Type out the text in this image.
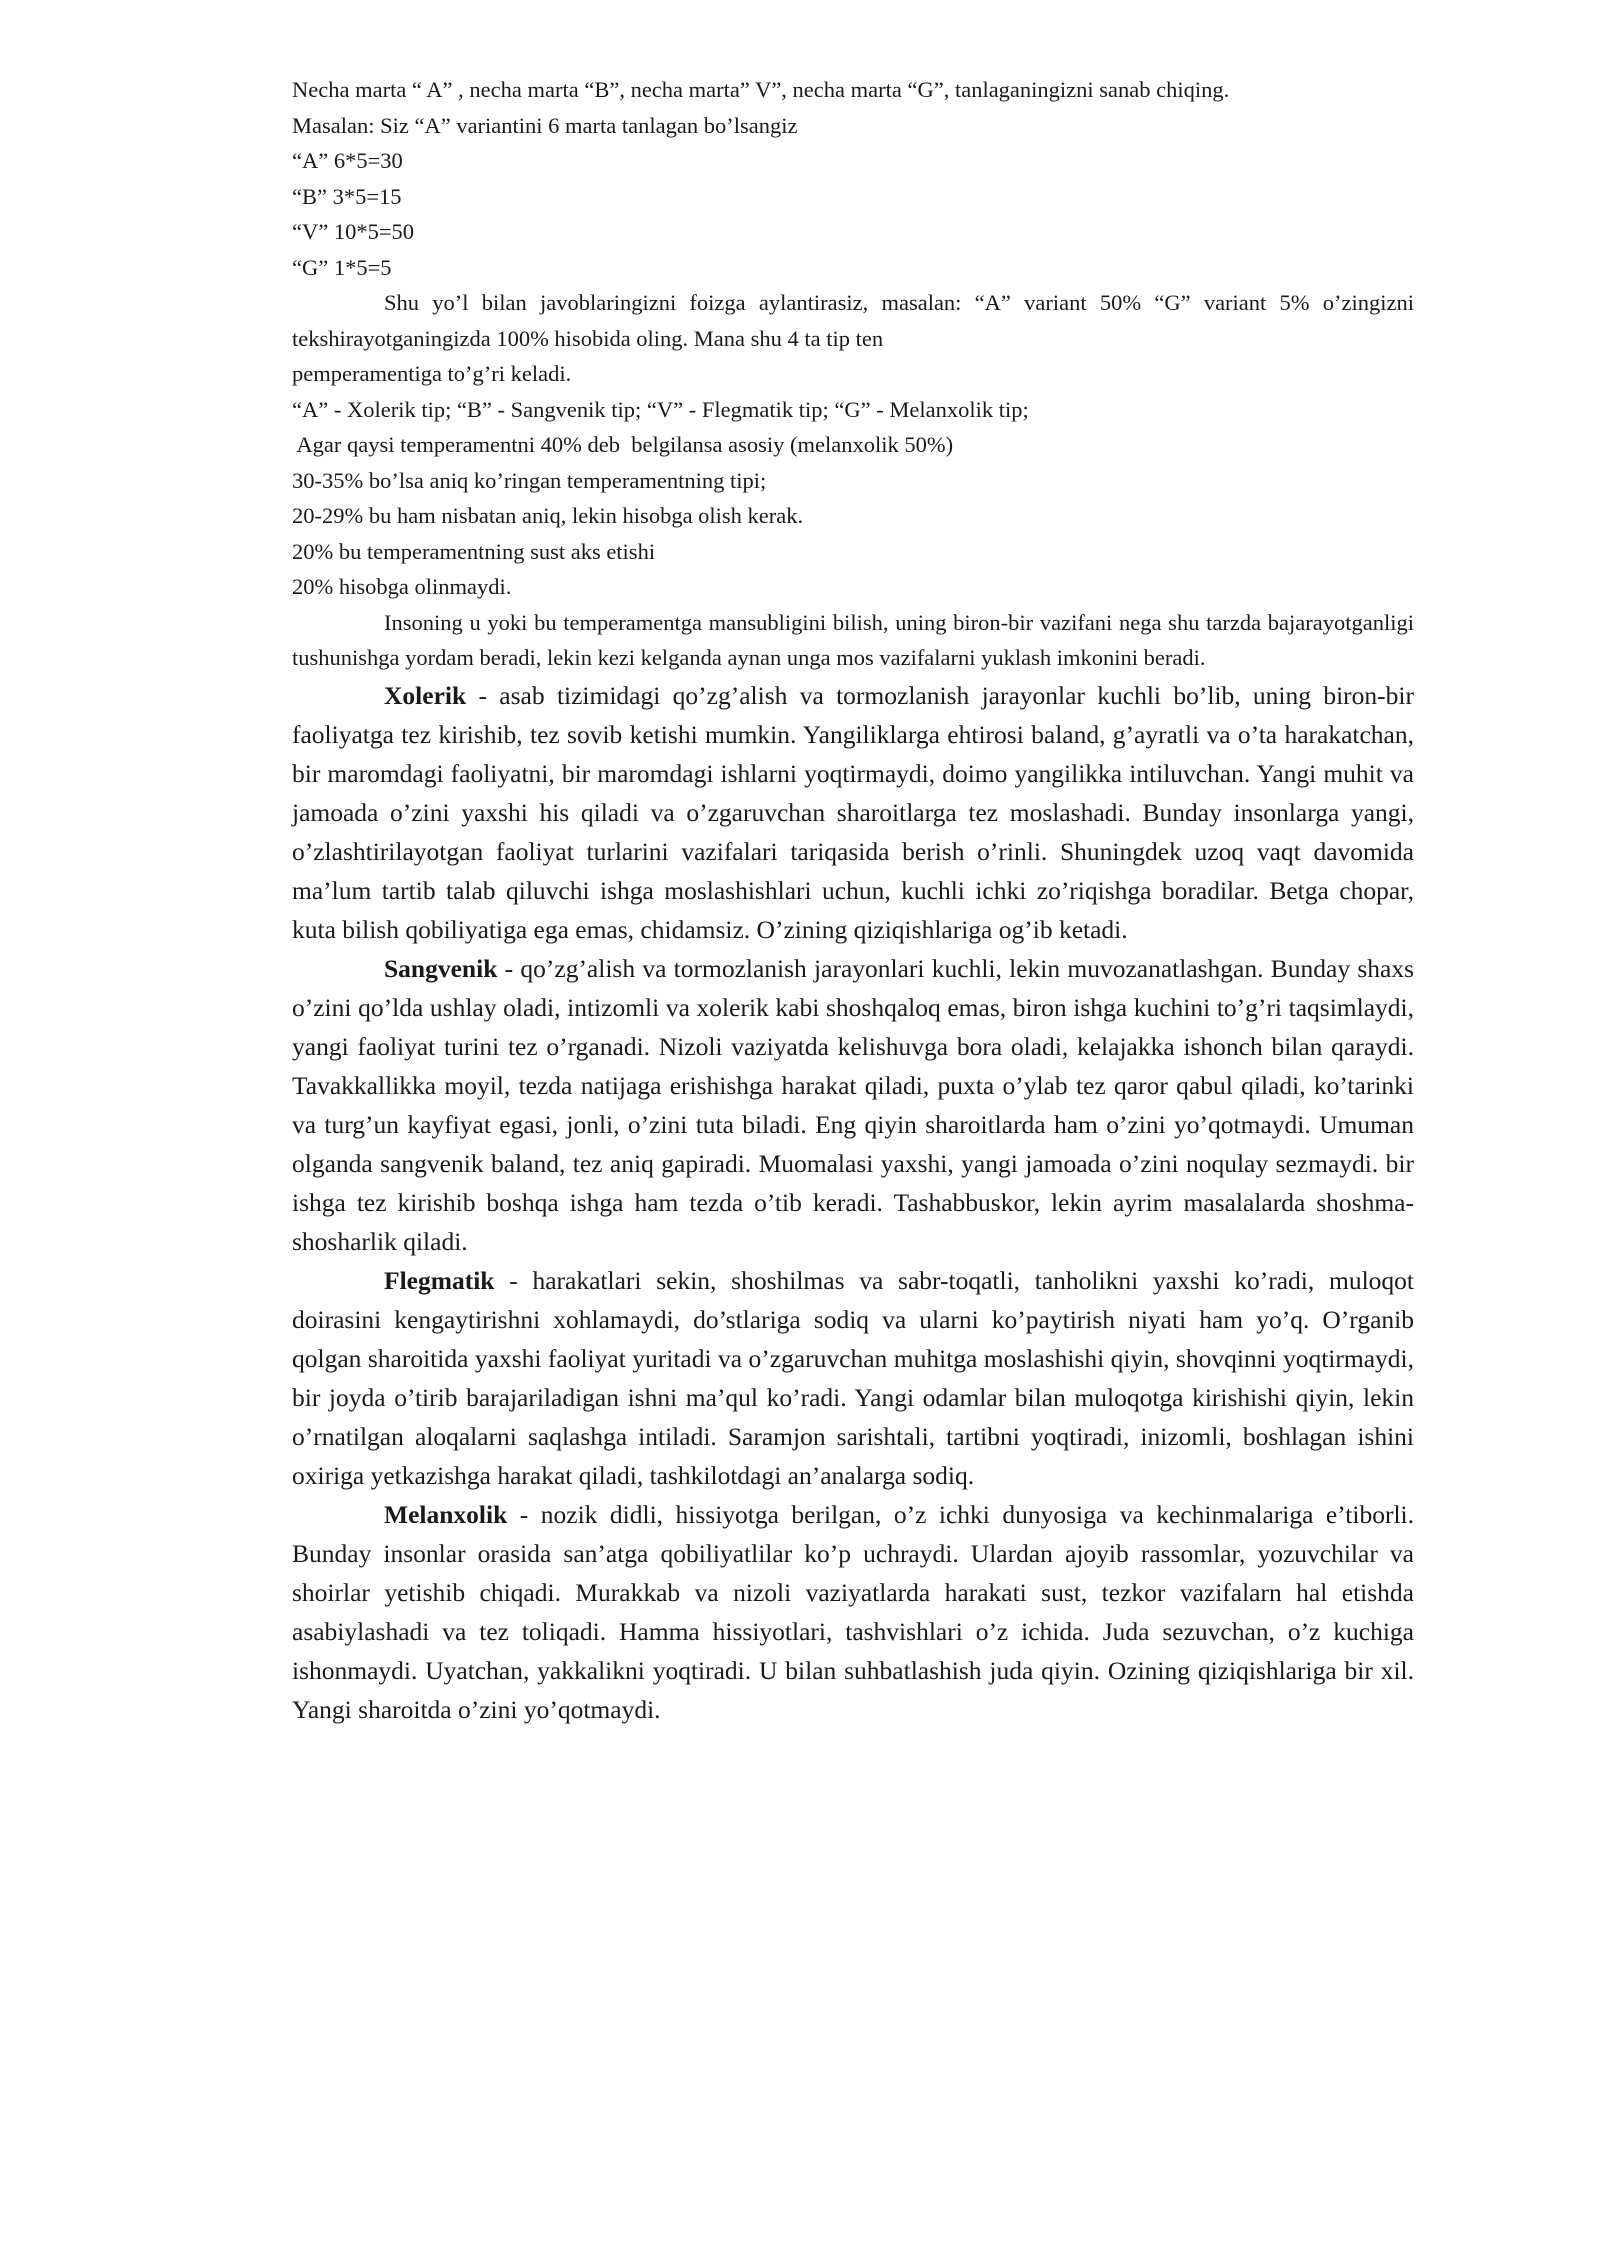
Necha marta “ A” , necha marta “B”, necha marta” V”, necha marta “G”, tanlaganingizni sanab chiqing.

Masalan: Siz “A” variantini 6 marta tanlagan bo’lsangiz

“A” 6*5=30

“B” 3*5=15

“V” 10*5=50

“G” 1*5=5

Shu yo’l bilan javoblaringizni foizga aylantirasiz, masalan: “A” variant 50% “G” variant 5% o’zingizni tekshirayotganingizda 100% hisobida oling. Mana shu 4 ta tip ten

pemperamentiga to’g’ri keladi.

“A” - Xolerik tip; “B” - Sangvenik tip; “V” - Flegmatik tip; “G” - Melanxolik tip;

Agar qaysi temperamentni 40% deb  belgilansa asosiy (melanxolik 50%)

30-35% bo’lsa aniq ko’ringan temperamentning tipi;

20-29% bu ham nisbatan aniq, lekin hisobga olish kerak.

20% bu temperamentning sust aks etishi

20% hisobga olinmaydi.

Insoning u yoki bu temperamentga mansubligini bilish, uning biron-bir vazifani nega shu tarzda bajarayotganligi tushunishga yordam beradi, lekin kezi kelganda aynan unga mos vazifalarni yuklash imkonini beradi.

Xolerik - asab tizimidagi qo’zg’alish va tormozlanish jarayonlar kuchli bo’lib, uning biron-bir faoliyatga tez kirishib, tez sovib ketishi mumkin. Yangiliklarga ehtirosi baland, g’ayratli va o’ta harakatchan, bir maromdagi faoliyatni, bir maromdagi ishlarni yoqtirmaydi, doimo yangilikka intiluvchan. Yangi muhit va jamoada o’zini yaxshi his qiladi va o’zgaruvchan sharoitlarga tez moslashadi. Bunday insonlarga yangi, o’zlashtirilayotgan faoliyat turlarini vazifalari tariqasida berish o’rinli. Shuningdek uzoq vaqt davomida ma’lum tartib talab qiluvchi ishga moslashishlari uchun, kuchli ichki zo’riqishga boradilar. Betga chopar, kuta bilish qobiliyatiga ega emas, chidamsiz. O’zining qiziqishlariga og’ib ketadi.

Sangvenik - qo’zg’alish va tormozlanish jarayonlari kuchli, lekin muvozanatlashgan. Bunday shaxs o’zini qo’lda ushlay oladi, intizomli va xolerik kabi shoshqaloq emas, biron ishga kuchini to’g’ri taqsimlaydi, yangi faoliyat turini tez o’rganadi. Nizoli vaziyatda kelishuvga bora oladi, kelajakka ishonch bilan qaraydi. Tavakkallikka moyil, tezda natijaga erishishga harakat qiladi, puxta o’ylab tez qaror qabul qiladi, ko’tarinki va turg’un kayfiyat egasi, jonli, o’zini tuta biladi. Eng qiyin sharoitlarda ham o’zini yo’qotmaydi. Umuman olganda sangvenik baland, tez aniq gapiradi. Muomalasi yaxshi, yangi jamoada o’zini noqulay sezmaydi. bir ishga tez kirishib boshqa ishga ham tezda o’tib keradi. Tashabbuskor, lekin ayrim masalalarda shoshma-shosharlik qiladi.

Flegmatik - harakatlari sekin, shoshilmas va sabr-toqatli, tanholikni yaxshi ko’radi, muloqot doirasini kengaytirishni xohlamaydi, do’stlariga sodiq va ularni ko’paytirish niyati ham yo’q. O’rganib qolgan sharoitida yaxshi faoliyat yuritadi va o’zgaruvchan muhitga moslashishi qiyin, shovqinni yoqtirmaydi, bir joyda o’tirib barajariladigan ishni ma’qul ko’radi. Yangi odamlar bilan muloqotga kirishishi qiyin, lekin o’rnatilgan aloqalarni saqlashga intiladi. Saramjon sarishtali, tartibni yoqtiradi, inizomli, boshlagan ishini oxiriga yetkazishga harakat qiladi, tashkilotdagi an’analarga sodiq.

Melanxolik - nozik didli, hissiyotga berilgan, o’z ichki dunyosiga va kechinmalariga e’tiborli. Bunday insonlar orasida san’atga qobiliyatlilar ko’p uchraydi. Ulardan ajoyib rassomlar, yozuvchilar va shoirlar yetishib chiqadi. Murakkab va nizoli vaziyatlarda harakati sust, tezkor vazifalarn hal etishda asabiylashadi va tez toliqadi. Hamma hissiyotlari, tashvishlari o’z ichida. Juda sezuvchan, o’z kuchiga ishonmaydi. Uyatchan, yakkalikni yoqtiradi. U bilan suhbatlashish juda qiyin. Ozining qiziqishlariga bir xil. Yangi sharoitda o’zini yo’qotmaydi.
